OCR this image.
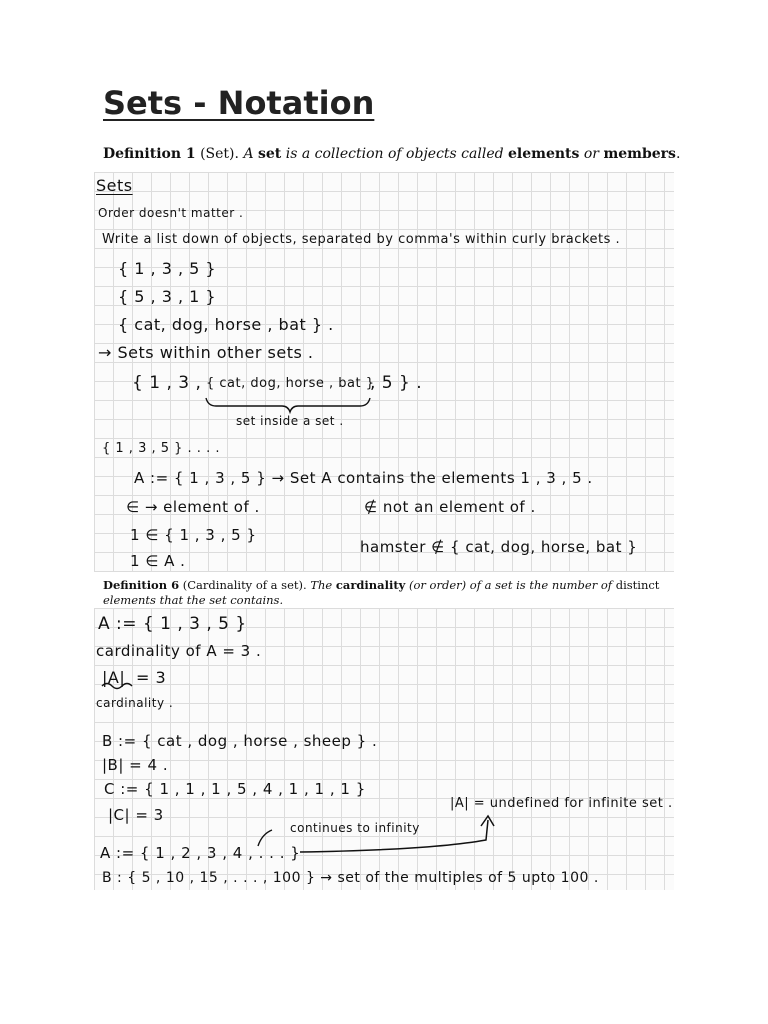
Sets - Notation

Definition 1 (Set). A set is a collection of objects called elements or members.

Sets
Order doesn't matter .
Write a list down of objects, separated by comma's within curly brackets .
{ 1 , 3 , 5 }
{ 5 , 3 , 1 }
{ cat, dog, horse , bat } .
→ Sets within other sets .
{ 1 , 3 , { cat, dog, horse , bat }
, 5 } .
set inside a set .
{ 1 , 3 , 5 } . . . .
A := { 1 , 3 , 5 } → Set A contains the elements 1 , 3 , 5 .
∈ → element of .	∉ not an element of .
1 ∈ { 1 , 3 , 5 }
hamster ∉ { cat, dog, horse, bat }
1 ∈ A .
Definition 6 (Cardinality of a set). The cardinality (or order) of a set is the number of distinct elements that the set contains.
A := { 1 , 3 , 5 }
cardinality of A = 3 .
|A| = 3
cardinality .
B := { cat , dog , horse , sheep } .
|B| = 4 .
C := { 1 , 1 , 1 , 5 , 4 , 1 , 1 , 1 }
|C| = 3
|A| = undefined for infinite set .
continues to infinity
A := { 1 , 2 , 3 , 4 , . . . }
B : { 5 , 10 , 15 , . . . , 100 } → set of the multiples of 5 upto 100 .
